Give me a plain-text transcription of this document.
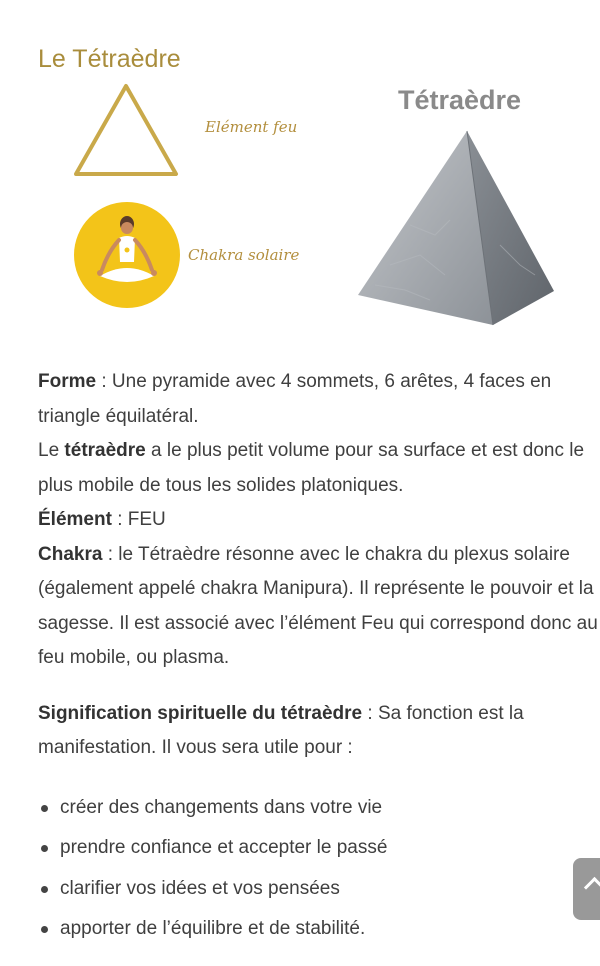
Le Tétraèdre
Elément feu
Chakra solaire
Tétraèdre

Forme : Une pyramide avec 4 sommets, 6 arêtes, 4 faces en triangle équilatéral.

Le tétraèdre a le plus petit volume pour sa surface et est donc le plus mobile de tous les solides platoniques.

Élément : FEU

Chakra : le Tétraèdre résonne avec le chakra du plexus solaire (également appelé chakra Manipura). Il représente le pouvoir et la sagesse. Il est associé avec l’élément Feu qui correspond donc au feu mobile, ou plasma.

Signification spirituelle du tétraèdre : Sa fonction est la manifestation. Il vous sera utile pour :

créer des changements dans votre vie
prendre confiance et accepter le passé
clarifier vos idées et vos pensées
apporter de l’équilibre et de stabilité.
